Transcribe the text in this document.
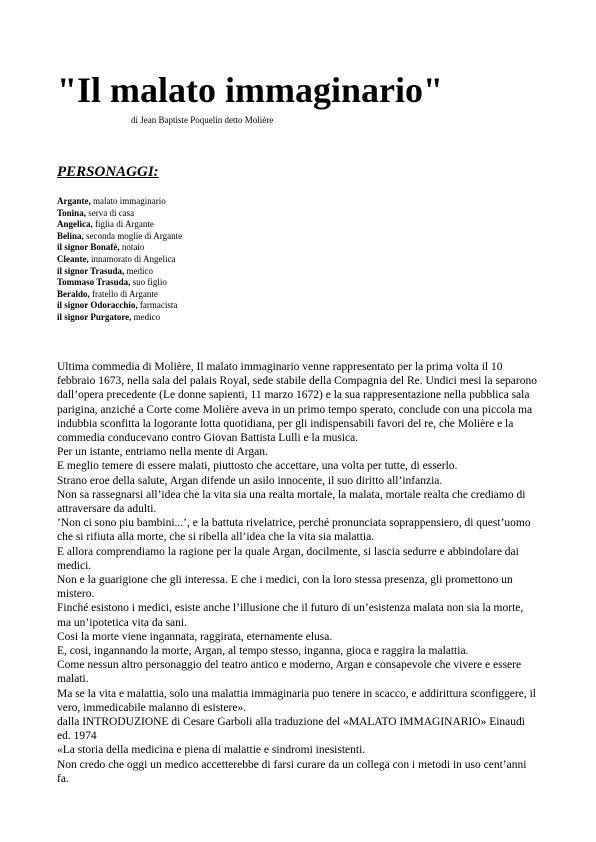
"Il malato immaginario"
di Jean Baptiste Poquelin detto Molière
PERSONAGGI:
Argante, malato immaginario
Tonina, serva di casa
Angelica, figlia di Argante
Belina, seconda moglie di Argante
il signor Bonafè, notaio
Cleante, innamorato di Angelica
il signor Trasuda, medico
Tommaso Trasuda, suo figlio
Beraldo, fratello di Argante
il signor Odoracchio, farmacista
il signor Purgatore, medico

Ultima commedia di Molière, Il malato immaginario venne rappresentato per la prima volta il 10 febbraio 1673, nella sala del palais Royal, sede stabile della Compagnia del Re. Undici mesi la separono dall’opera precedente (Le donne sapienti, 11 marzo 1672) e la sua rappresentazione nella pubblica sala parigina, anziché a Corte come Molière aveva in un primo tempo sperato, conclude con una piccola ma indubbia sconfitta la logorante lotta quotidiana, per gli indispensabili favori del re, che Molière e la commedia conducevano contro Giovan Battista Lulli e la musica.

Per un istante, entriamo nella mente di Argan.

E meglio temere di essere malati, piuttosto che accettare, una volta per tutte, di esserlo.

Strano eroe della salute, Argan difende un asilo innocente, il suo diritto all’infanzia.

Non sa rassegnarsi all’idea che la vita sia una realta mortale, la malata, mortale realta che crediamo di attraversare da adulti.

’Non ci sono piu bambini...’, e la battuta rivelatrice, perché pronunciata soprappensiero, di quest’uomo che si rifiuta alla morte, che si ribella all’idea che la vita sia malattia.

E allora comprendiamo la ragione per la quale Argan, docilmente, si lascia sedurre e abbindolare dai medici.

Non e la guarigione che gli interessa. E che i medici, con la loro stessa presenza, gli promettono un mistero.

Finché esistono i medici, esiste anche l’illusione che il futuro di un’esistenza malata non sia la morte, ma un’ipotetica vita da sani.

Cosi la morte viene ingannata, raggirata, eternamente elusa.

E, cosi, ingannando la morte, Argan, al tempo stesso, inganna, gioca e raggira la malattia.

Come nessun altro personaggio del teatro antico e moderno, Argan e consapevole che vivere e essere malati.

Ma se la vita e malattia, solo una malattia immaginaria puo tenere in scacco, e addirittura sconfiggere, il vero, immedicabile malanno di esistere».

dalla INTRODUZIONE di Cesare Garboli alla traduzione del «MALATO IMMAGINARIO» Einaudi ed. 1974

«La storia della medicina e piena di malattie e sindromi inesistenti.

Non credo che oggi un medico accetterebbe di farsi curare da un collega con i metodi in uso cent’anni fa.
